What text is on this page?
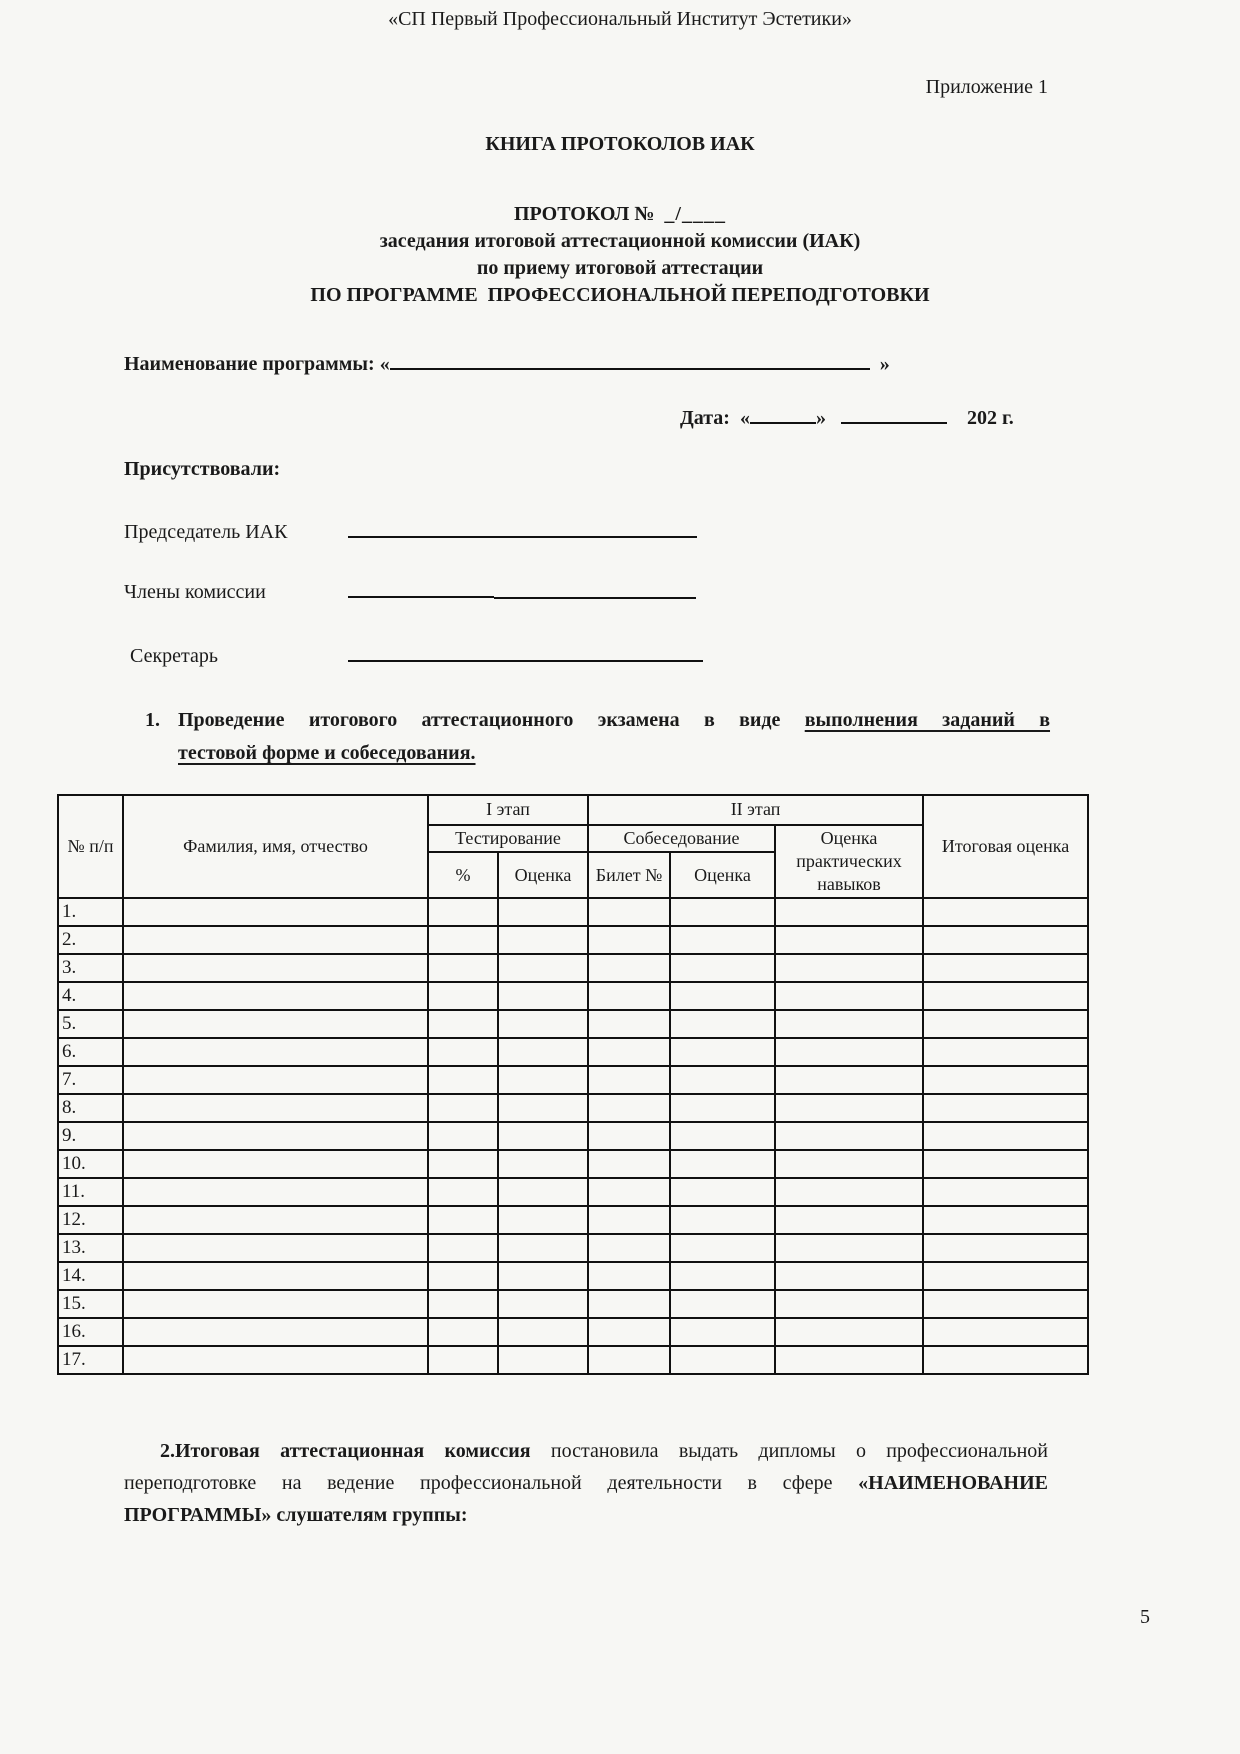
«СП Первый Профессиональный Институт Эстетики»
Приложение 1
КНИГА ПРОТОКОЛОВ ИАК
ПРОТОКОЛ № _/____
заседания итоговой аттестационной комиссии (ИАК)
по приему итоговой аттестации
ПО ПРОГРАММЕ  ПРОФЕССИОНАЛЬНОЙ ПЕРЕПОДГОТОВКИ
Наименование программы: «	»
Дата: «	»	202 г.
Присутствовали:
Председатель ИАК
Члены комиссии
Секретарь
1. Проведение итогового аттестационного экзамена в виде выполнения заданий в
тестовой форме и собеседования.
№ п/п	Фамилия, имя, отчество	I этап		II этап			Итоговая оценка
		Тестирование		Собеседование		Оценка практических навыков	
		%	Оценка	Билет №	Оценка		
1.							
2.							
3.							
4.							
5.							
6.							
7.							
8.							
9.							
10.							
11.							
12.							
13.							
14.							
15.							
16.							
17.							
2.Итоговая аттестационная комиссия постановила выдать дипломы о профессиональной
переподготовке на ведение профессиональной деятельности в сфере «НАИМЕНОВАНИЕ
ПРОГРАММЫ» слушателям группы:
5
